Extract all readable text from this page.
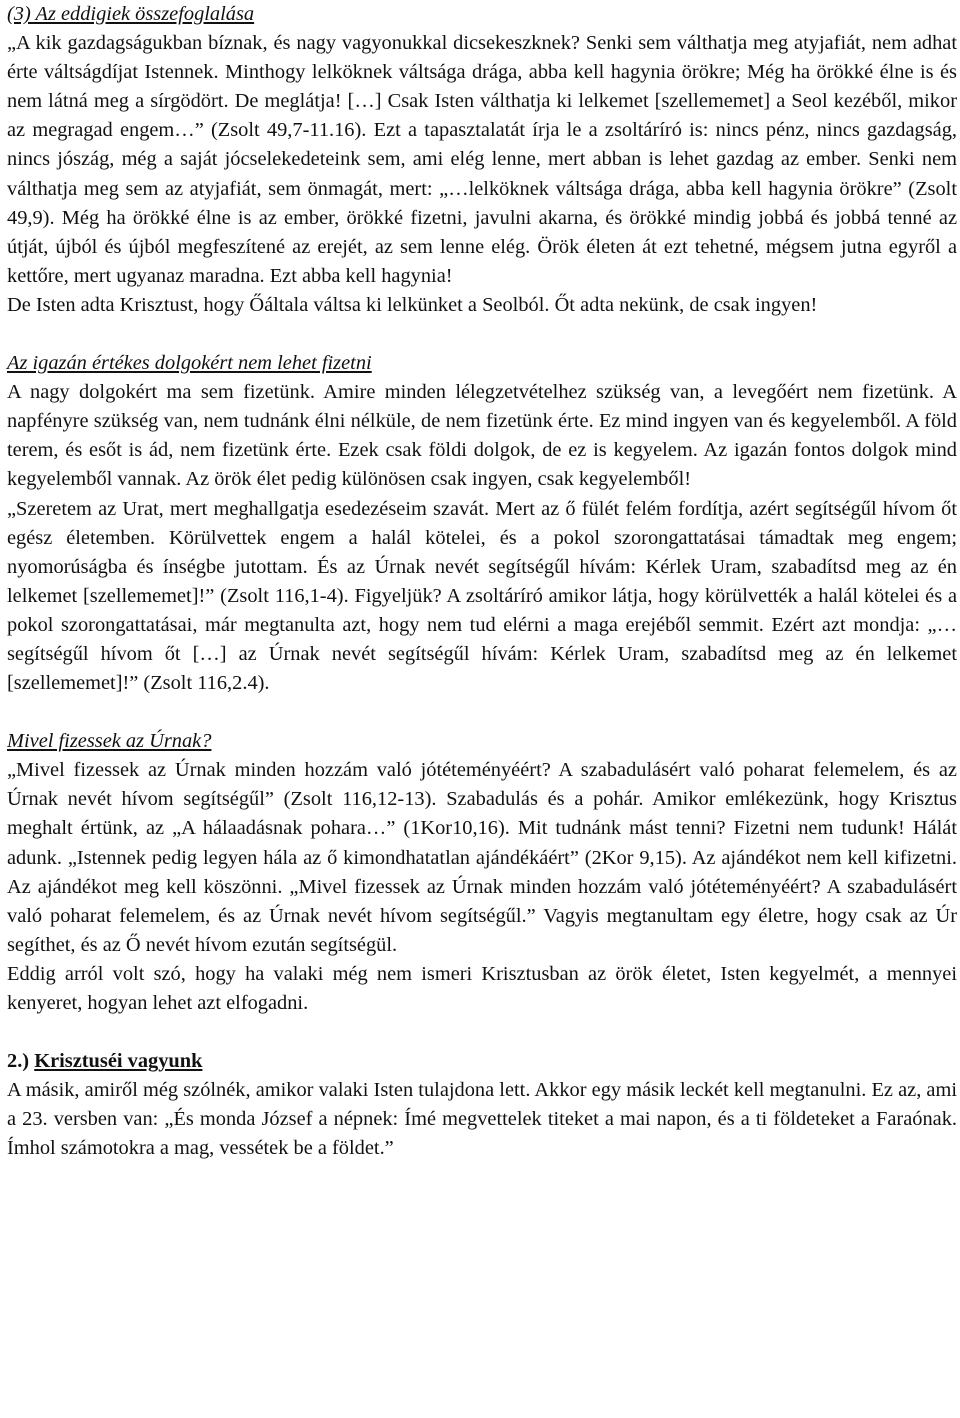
(3) Az eddigiek összefoglalása

„A kik gazdagságukban bíznak, és nagy vagyonukkal dicsekeszknek? Senki sem válthatja meg atyjafiát, nem adhat érte váltságdíjat Istennek. Minthogy lelköknek váltsága drága, abba kell hagynia örökre; Még ha örökké élne is és nem látná meg a sírgödört. De meglátja! […] Csak Isten válthatja ki lelkemet [szellememet] a Seol kezéből, mikor az megragad engem…” (Zsolt 49,7-11.16). Ezt a tapasztalatát írja le a zsoltáríró is: nincs pénz, nincs gazdagság, nincs jószág, még a saját jócselekedeteink sem, ami elég lenne, mert abban is lehet gazdag az ember. Senki nem válthatja meg sem az atyjafiát, sem önmagát, mert: „…lelköknek váltsága drága, abba kell hagynia örökre” (Zsolt 49,9). Még ha örökké élne is az ember, örökké fizetni, javulni akarna, és örökké mindig jobbá és jobbá tenné az útját, újból és újból megfeszítené az erejét, az sem lenne elég. Örök életen át ezt tehetné, mégsem jutna egyről a kettőre, mert ugyanaz maradna. Ezt abba kell hagynia!

De Isten adta Krisztust, hogy Őáltala váltsa ki lelkünket a Seolból. Őt adta nekünk, de csak ingyen!

Az igazán értékes dolgokért nem lehet fizetni

A nagy dolgokért ma sem fizetünk. Amire minden lélegzetvételhez szükség van, a levegőért nem fizetünk. A napfényre szükség van, nem tudnánk élni nélküle, de nem fizetünk érte. Ez mind ingyen van és kegyelemből. A föld terem, és esőt is ád, nem fizetünk érte. Ezek csak földi dolgok, de ez is kegyelem. Az igazán fontos dolgok mind kegyelemből vannak. Az örök élet pedig különösen csak ingyen, csak kegyelemből!

„Szeretem az Urat, mert meghallgatja esedezéseim szavát. Mert az ő fülét felém fordítja, azért segítségűl hívom őt egész életemben. Körülvettek engem a halál kötelei, és a pokol szorongattatásai támadtak meg engem; nyomorúságba és ínségbe jutottam. És az Úrnak nevét segítségűl hívám: Kérlek Uram, szabadítsd meg az én lelkemet [szellememet]!” (Zsolt 116,1-4). Figyeljük? A zsoltáríró amikor látja, hogy körülvették a halál kötelei és a pokol szorongattatásai, már megtanulta azt, hogy nem tud elérni a maga erejéből semmit. Ezért azt mondja: „… segítségűl hívom őt […] az Úrnak nevét segítségűl hívám: Kérlek Uram, szabadítsd meg az én lelkemet [szellememet]!” (Zsolt 116,2.4).

Mivel fizessek az Úrnak?

„Mivel fizessek az Úrnak minden hozzám való jótéteményéért? A szabadulásért való poharat felemelem, és az Úrnak nevét hívom segítségűl” (Zsolt 116,12-13). Szabadulás és a pohár. Amikor emlékezünk, hogy Krisztus meghalt értünk, az „A hálaadásnak pohara…” (1Kor10,16). Mit tudnánk mást tenni? Fizetni nem tudunk! Hálát adunk. „Istennek pedig legyen hála az ő kimondhatatlan ajándékáért” (2Kor 9,15). Az ajándékot nem kell kifizetni. Az ajándékot meg kell köszönni. „Mivel fizessek az Úrnak minden hozzám való jótéteményéért? A szabadulásért való poharat felemelem, és az Úrnak nevét hívom segítségűl.” Vagyis megtanultam egy életre, hogy csak az Úr segíthet, és az Ő nevét hívom ezután segítségül.

Eddig arról volt szó, hogy ha valaki még nem ismeri Krisztusban az örök életet, Isten kegyelmét, a mennyei kenyeret, hogyan lehet azt elfogadni.

2.) Krisztuséi vagyunk

A másik, amiről még szólnék, amikor valaki Isten tulajdona lett. Akkor egy másik leckét kell megtanulni. Ez az, ami a 23. versben van: „És monda József a népnek: Ímé megvettelek titeket a mai napon, és a ti földeteket a Faraónak. Ímhol számotokra a mag, vessétek be a földet.”
